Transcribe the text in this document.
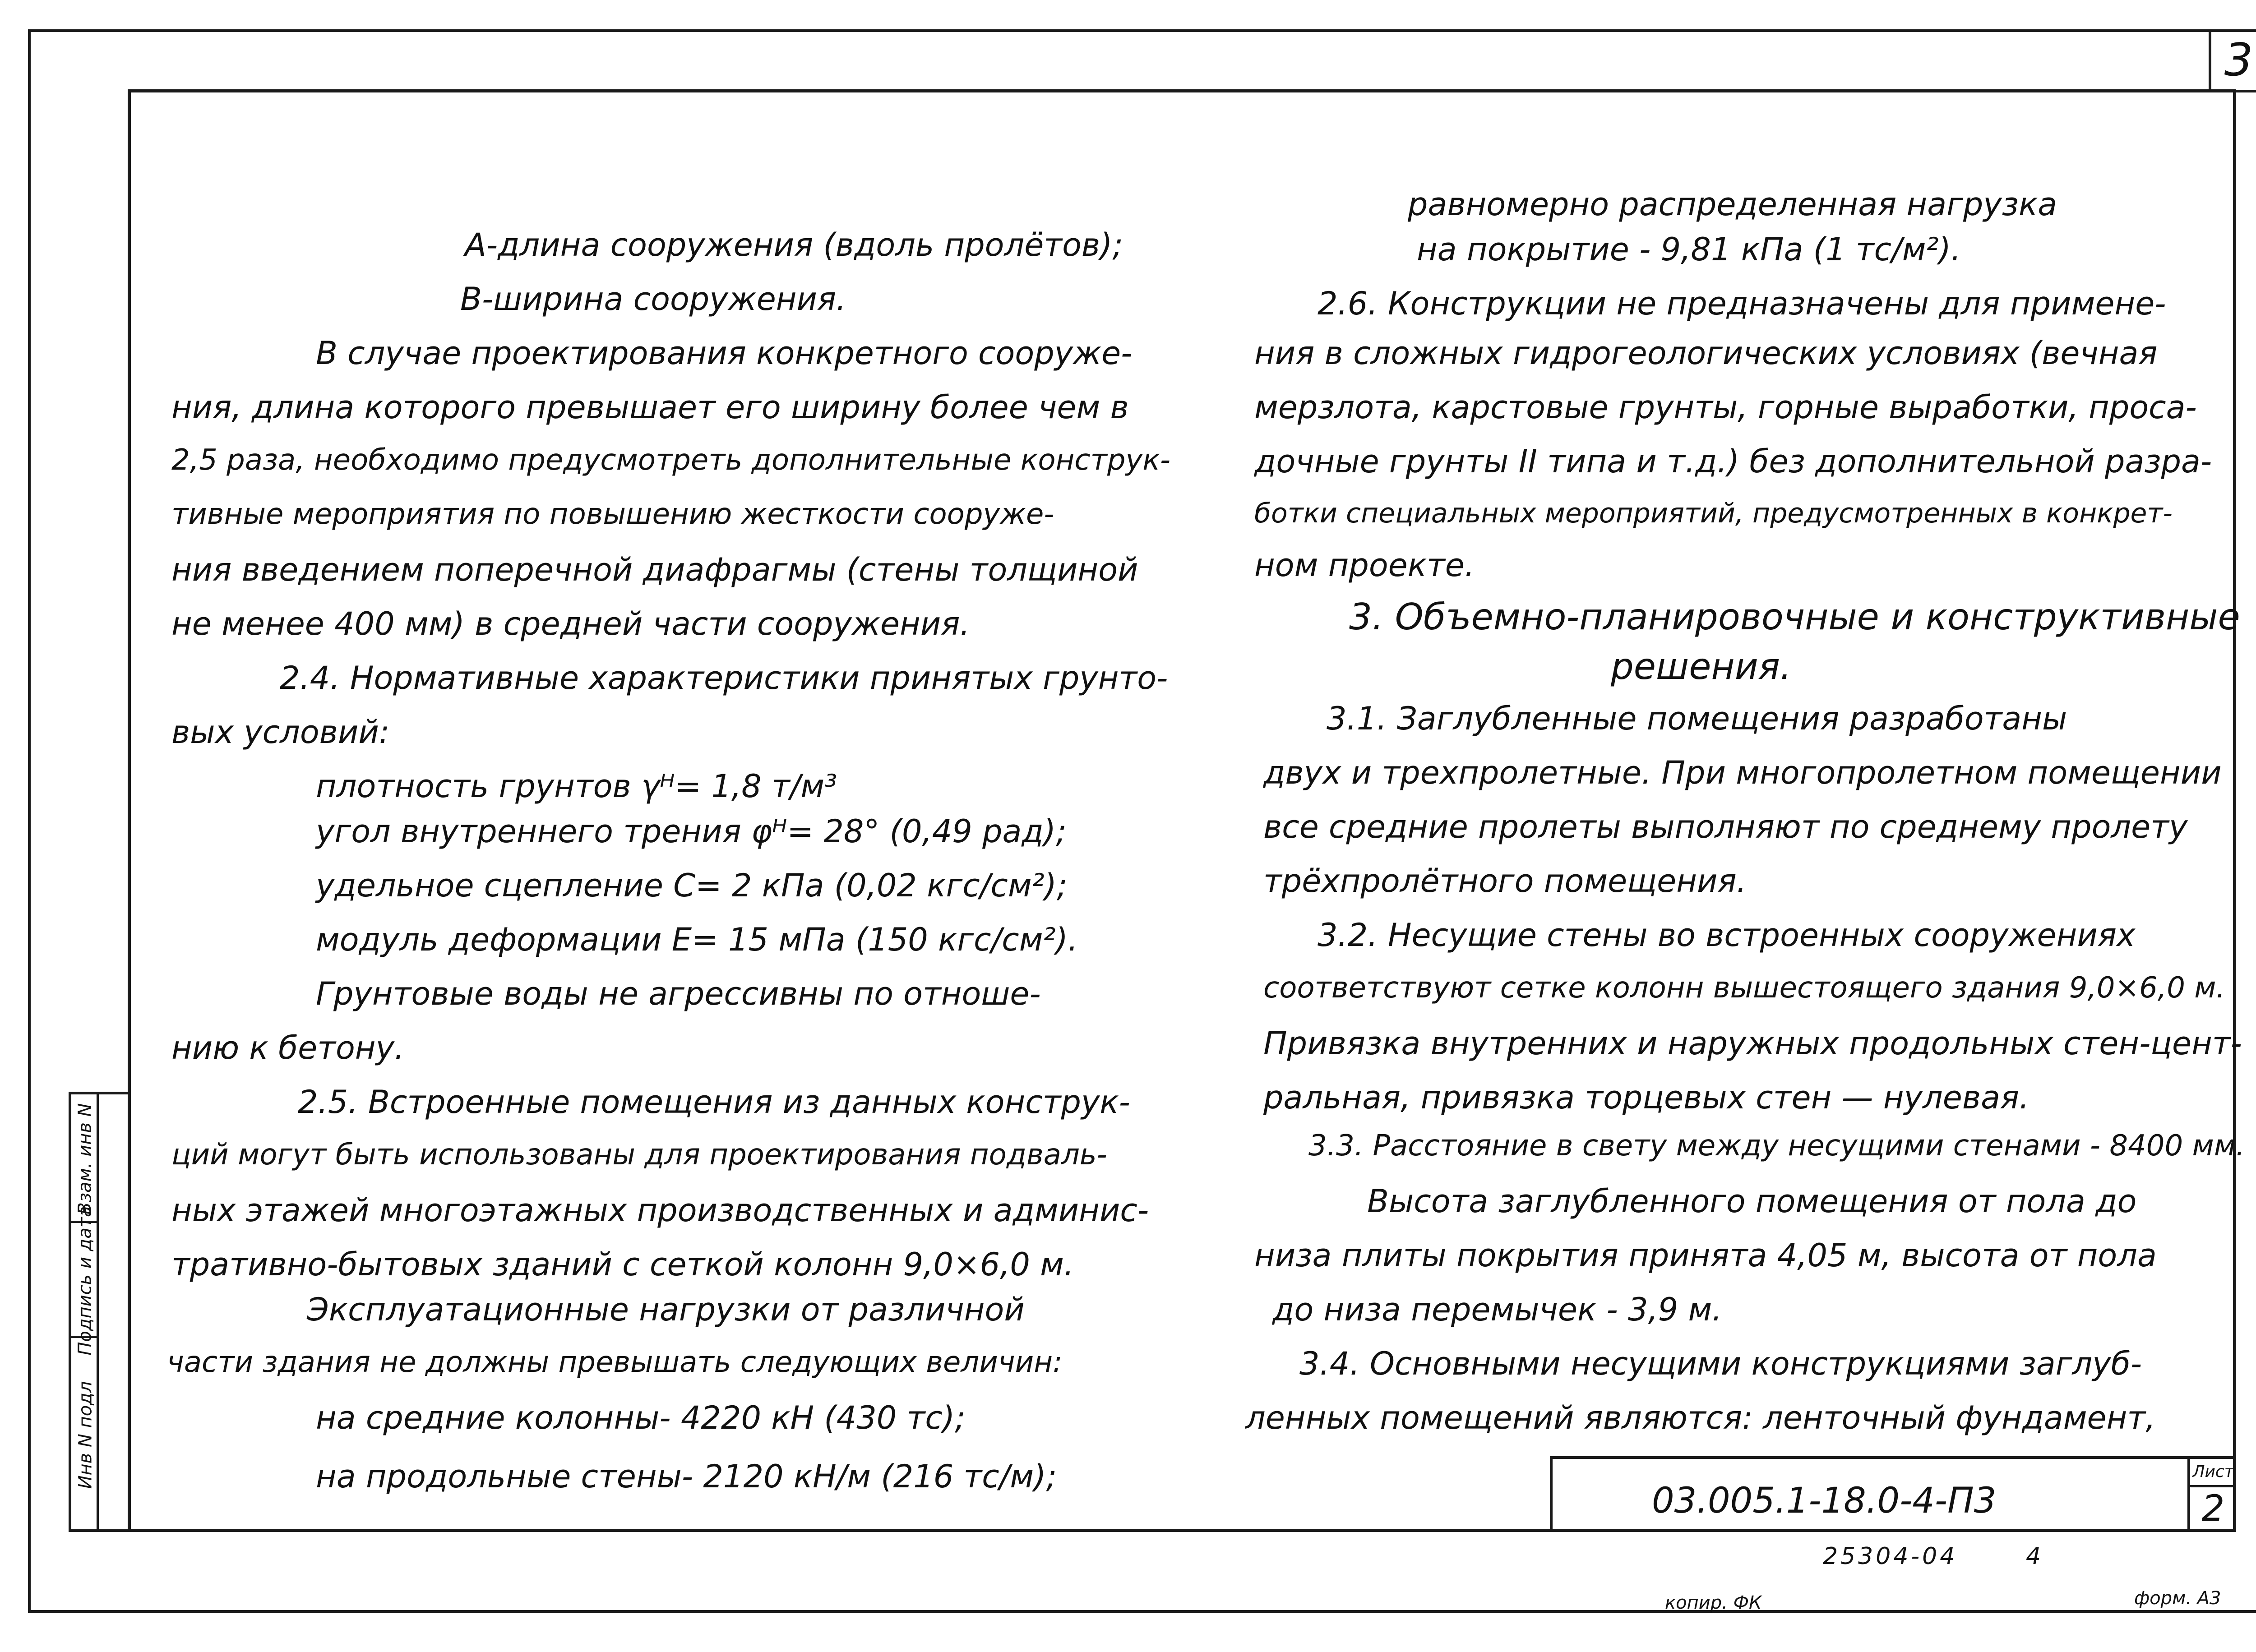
3
Взам. инв N
Подпись и дата
Инв N подл
А-длина сооружения (вдоль пролётов);
В-ширина сооружения.
В случае проектирования конкретного сооруже-
ния, длина которого превышает его ширину более чем в
2,5 раза, необходимо предусмотреть дополнительные конструк-
тивные мероприятия по повышению жесткости сооруже-
ния введением поперечной диафрагмы (стены толщиной
не менее 400 мм) в средней части сооружения.
2.4. Нормативные характеристики принятых грунто-
вых условий:
плотность грунтов γᴴ= 1,8 т/м³
угол внутреннего трения φᴴ= 28° (0,49 рад);
удельное сцепление С= 2 кПа (0,02 кгс/см²);
модуль деформации Е= 15 мПа (150 кгс/см²).
Грунтовые воды не агрессивны по отноше-
нию к бетону.
2.5. Встроенные помещения из данных конструк-
ций могут быть использованы для проектирования подваль-
ных этажей многоэтажных производственных и админис-
тративно-бытовых зданий с сеткой колонн 9,0×6,0 м.
Эксплуатационные нагрузки от различной
части здания не должны превышать следующих величин:
на средние колонны- 4220 кН (430 тс);
на продольные стены- 2120 кН/м (216 тс/м);
равномерно распределенная нагрузка
на покрытие - 9,81 кПа (1 тс/м²).
2.6. Конструкции не предназначены для примене-
ния в сложных гидрогеологических условиях (вечная
мерзлота, карстовые грунты, горные выработки, проса-
дочные грунты II типа и т.д.) без дополнительной разра-
ботки специальных мероприятий, предусмотренных в конкрет-
ном проекте.
3. Объемно-планировочные и конструктивные
решения.
3.1. Заглубленные помещения разработаны
двух и трехпролетные. При многопролетном помещении
все средние пролеты выполняют по среднему пролету
трёхпролётного помещения.
3.2. Несущие стены во встроенных сооружениях
соответствуют сетке колонн вышестоящего здания 9,0×6,0 м.
Привязка внутренних и наружных продольных стен-цент-
ральная, привязка торцевых стен — нулевая.
3.3. Расстояние в свету между несущими стенами - 8400 мм.
Высота заглубленного помещения от пола до
низа плиты покрытия принята 4,05 м, высота от пола
до низа перемычек - 3,9 м.
3.4. Основными несущими конструкциями заглуб-
ленных помещений являются: ленточный фундамент,
03.005.1-18.0-4-П3
Лист
2
25304-04	4
копир. ФК	форм. А3
